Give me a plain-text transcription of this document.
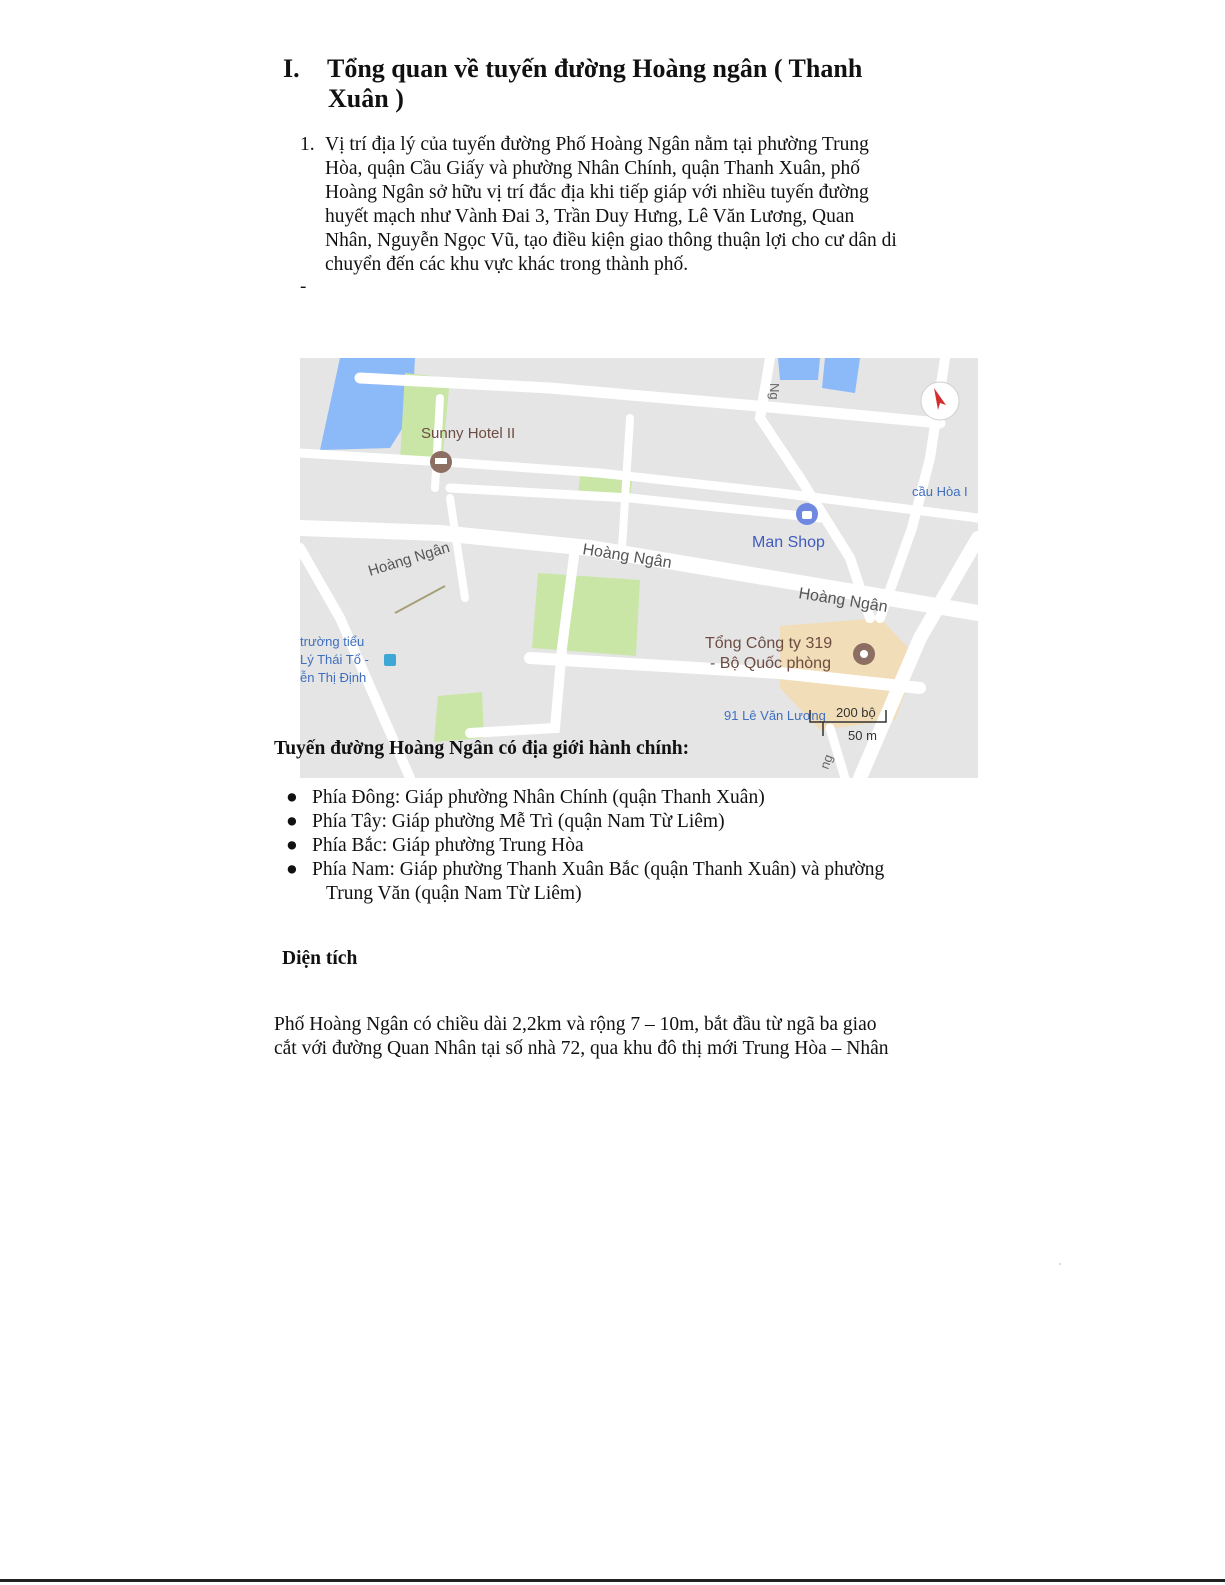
I. Tổng quan về tuyến đường Hoàng ngân ( Thanh
Xuân )
1. Vị trí địa lý của tuyến đường Phố Hoàng Ngân nằm tại phường Trung
Hòa, quận Cầu Giấy và phường Nhân Chính, quận Thanh Xuân, phố
Hoàng Ngân sở hữu vị trí đắc địa khi tiếp giáp với nhiều tuyến đường
huyết mạch như Vành Đai 3, Trần Duy Hưng, Lê Văn Lương, Quan
Nhân, Nguyễn Ngọc Vũ, tạo điều kiện giao thông thuận lợi cho cư dân di
chuyển đến các khu vực khác trong thành phố.
-
Sunny Hotel II
Man Shop
cầu Hòa I
Hoàng Ngân	Hoàng Ngân
Hoàng Ngân
Ng
ng
Tổng Công ty 319
- Bộ Quốc phòng
trường tiểu
Lý Thái Tổ -
ễn Thị Định
91 Lê Văn Lương 200 bộ
50 m
Tuyến đường Hoàng Ngân có địa giới hành chính:
● Phía Đông: Giáp phường Nhân Chính (quận Thanh Xuân)
● Phía Tây: Giáp phường Mễ Trì (quận Nam Từ Liêm)
● Phía Bắc: Giáp phường Trung Hòa
● Phía Nam: Giáp phường Thanh Xuân Bắc (quận Thanh Xuân) và phường
Trung Văn (quận Nam Từ Liêm)
Diện tích
Phố Hoàng Ngân có chiều dài 2,2km và rộng 7 – 10m, bắt đầu từ ngã ba giao
cắt với đường Quan Nhân tại số nhà 72, qua khu đô thị mới Trung Hòa – Nhân
